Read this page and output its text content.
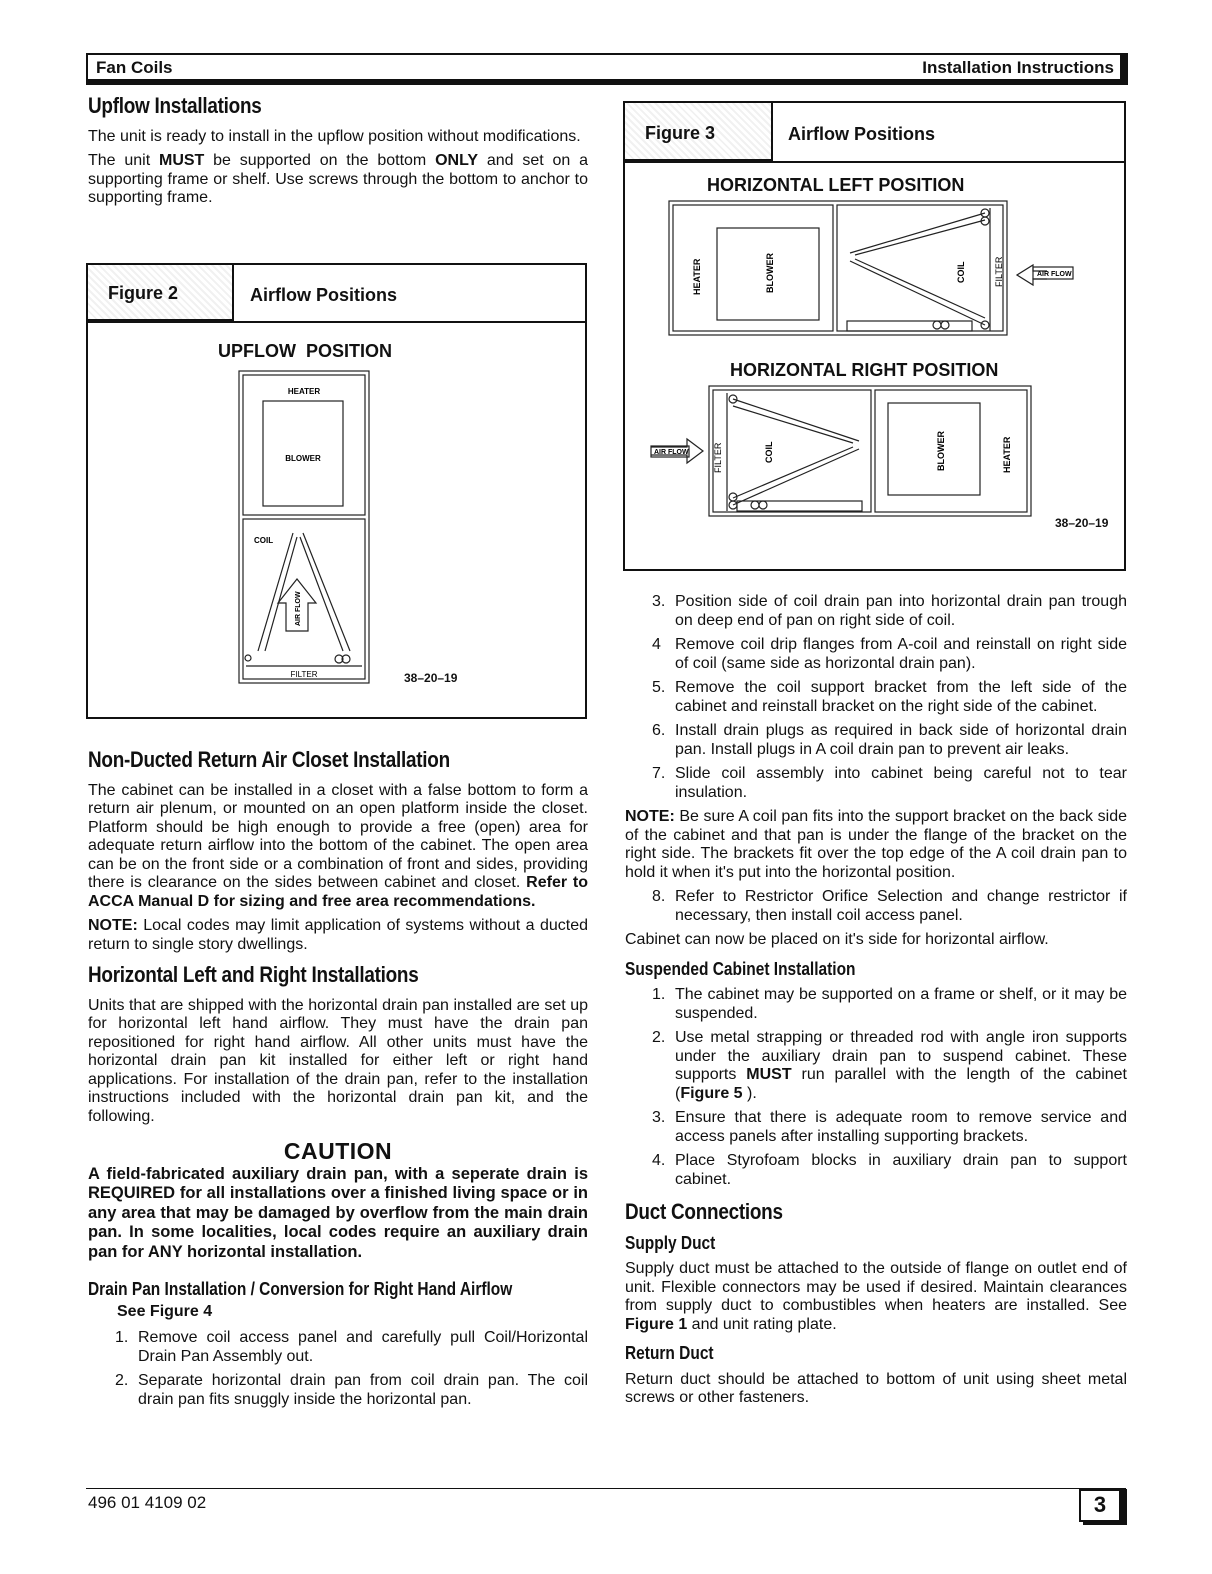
Fan Coils	Installation Instructions
Upflow Installations

The unit is ready to install in the upflow position without modifications.

The unit MUST be supported on the bottom ONLY and set on a supporting frame or shelf. Use screws through the bottom to anchor to supporting frame.

Figure 2	Airflow Positions
UPFLOW POSITION
HEATER
BLOWER
COIL
AIR FLOW
FILTER	38–20–19
Non-Ducted Return Air Closet Installation

The cabinet can be installed in a closet with a false bottom to form a return air plenum, or mounted on an open platform inside the closet. Platform should be high enough to provide a free (open) area for adequate return airflow into the bottom of the cabinet. The open area can be on the front side or a combination of front and sides, providing there is clearance on the sides between cabinet and closet. Refer to ACCA Manual D for sizing and free area recommendations.

NOTE: Local codes may limit application of systems without a ducted return to single story dwellings.

Horizontal Left and Right Installations

Units that are shipped with the horizontal drain pan installed are set up for horizontal left hand airflow. They must have the drain pan repositioned for right hand airflow. All other units must have the horizontal drain pan kit installed for either left or right hand applications. For installation of the drain pan, refer to the installation instructions included with the horizontal drain pan kit, and the following.

CAUTION
A field-fabricated auxiliary drain pan, with a seperate drain is REQUIRED for all installations over a finished living space or in any area that may be damaged by overflow from the main drain pan. In some localities, local codes require an auxiliary drain pan for ANY horizontal installation.
Drain Pan Installation / Conversion for Right Hand Airflow
See Figure 4
1. Remove coil access panel and carefully pull Coil/Horizontal Drain Pan Assembly out.
2. Separate horizontal drain pan from coil drain pan. The coil drain pan fits snuggly inside the horizontal pan.
Figure 3	Airflow Positions
HORIZONTAL LEFT POSITION
HORIZONTAL RIGHT POSITION
HEATER	BLOWER	COIL	FILTER	AIR FLOW
FILTER	COIL	BLOWER	HEATER
AIR FLOW
38–20–19
3. Position side of coil drain pan into horizontal drain pan trough on deep end of pan on right side of coil.
4 Remove coil drip flanges from A-coil and reinstall on right side of coil (same side as horizontal drain pan).
5. Remove the coil support bracket from the left side of the cabinet and reinstall bracket on the right side of the cabinet.
6. Install drain plugs as required in back side of horizontal drain pan. Install plugs in A coil drain pan to prevent air leaks.
7. Slide coil assembly into cabinet being careful not to tear insulation.

NOTE: Be sure A coil pan fits into the support bracket on the back side of the cabinet and that pan is under the flange of the bracket on the right side. The brackets fit over the top edge of the A coil drain pan to hold it when it's put into the horizontal position.

8. Refer to Restrictor Orifice Selection and change restrictor if necessary, then install coil access panel.

Cabinet can now be placed on it's side for horizontal airflow.

Suspended Cabinet Installation
1. The cabinet may be supported on a frame or shelf, or it may be suspended.
2. Use metal strapping or threaded rod with angle iron supports under the auxiliary drain pan to suspend cabinet. These supports MUST run parallel with the length of the cabinet (Figure 5 ).
3. Ensure that there is adequate room to remove service and access panels after installing supporting brackets.
4. Place Styrofoam blocks in auxiliary drain pan to support cabinet.
Duct Connections
Supply Duct

Supply duct must be attached to the outside of flange on outlet end of unit. Flexible connectors may be used if desired. Maintain clearances from supply duct to combustibles when heaters are installed. See Figure 1 and unit rating plate.

Return Duct

Return duct should be attached to bottom of unit using sheet metal screws or other fasteners.

496 01 4109 02	3
